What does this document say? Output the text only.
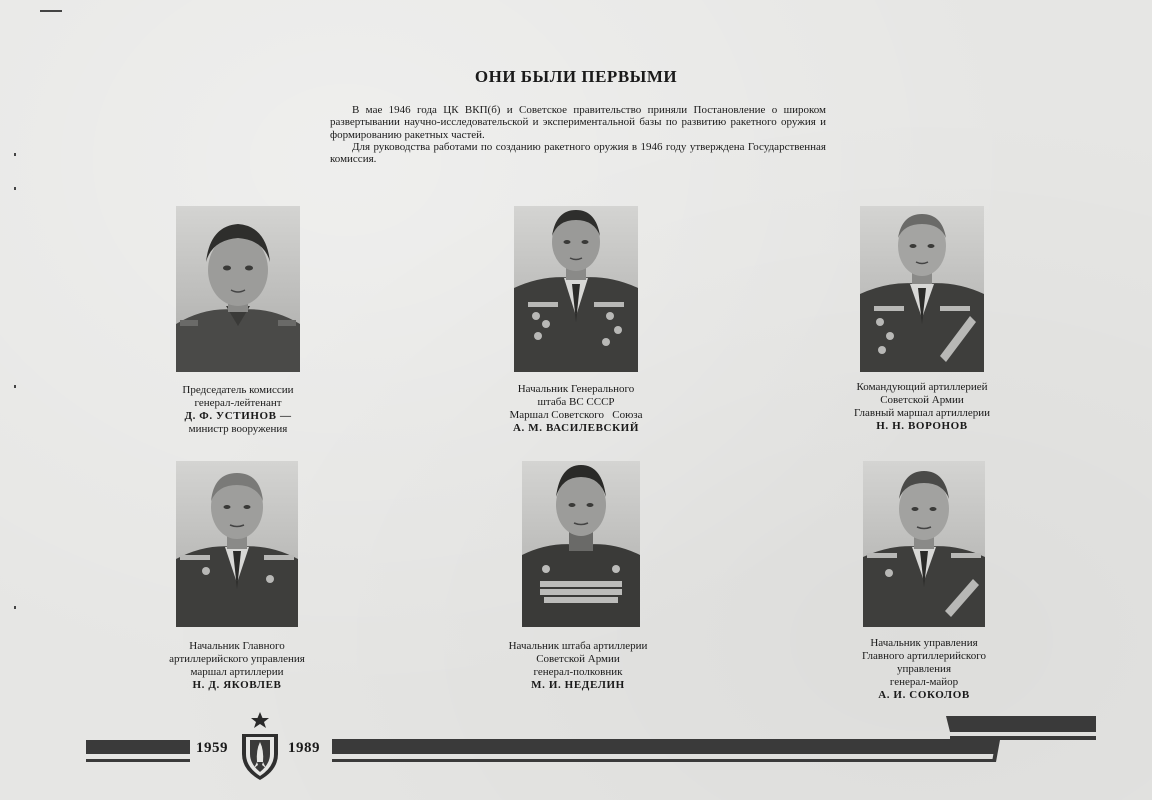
ОНИ БЫЛИ ПЕРВЫМИ

В мае 1946 года ЦК ВКП(б) и Советское правительство приняли Постановление о широком развертывании научно-исследовательской и экспериментальной базы по развитию ракетного оружия и формированию ракетных частей.

Для руководства работами по созданию ракетного оружия в 1946 году утверждена Государственная комиссия.

Председатель комиссии
генерал-лейтенант
Д. Ф. УСТИНОВ —
министр вооружения
Начальник Генерального
штаба ВС СССР
Маршал Советского   Союза
А. М. ВАСИЛЕВСКИЙ
Командующий артиллерией
Советской Армии
Главный маршал артиллерии
Н. Н. ВОРОНОВ
Начальник Главного
артиллерийского управления
маршал артиллерии
Н. Д. ЯКОВЛЕВ
Начальник штаба артиллерии
Советской Армии
генерал-полковник
М. И. НЕДЕЛИН
Начальник управления
Главного артиллерийского
управления
генерал-майор
А. И. СОКОЛОВ
1959	1989
